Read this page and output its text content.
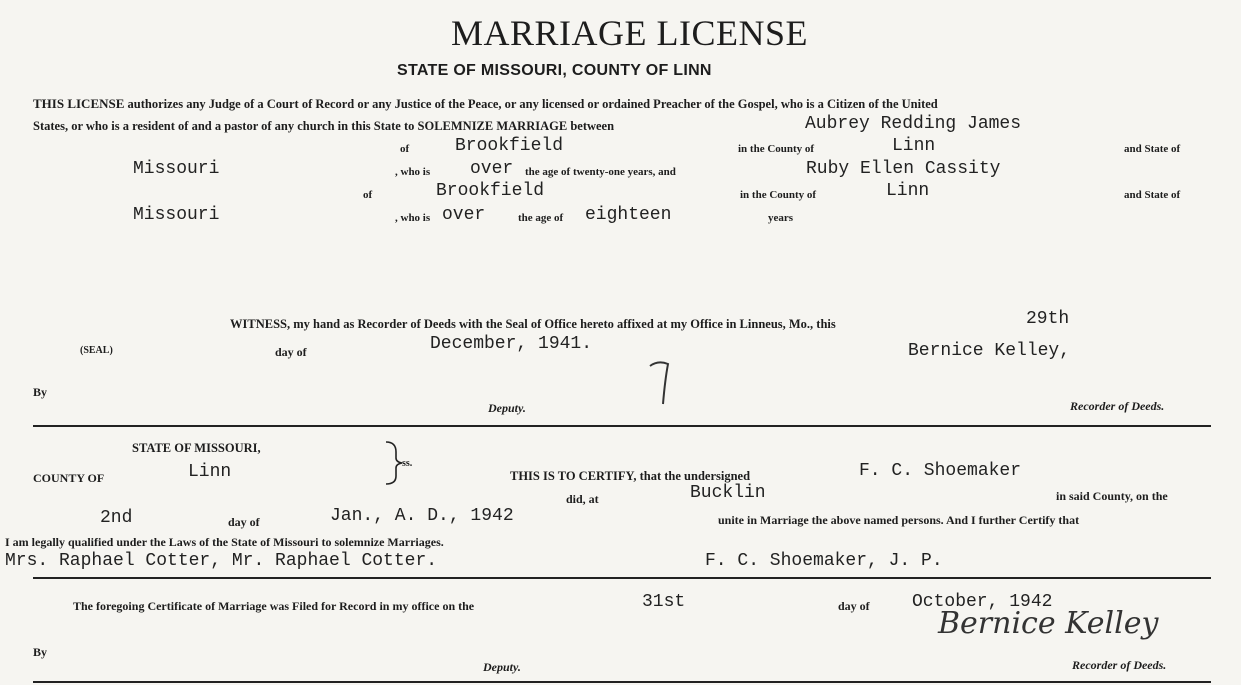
MARRIAGE LICENSE
STATE OF MISSOURI, COUNTY OF LINN
THIS LICENSE authorizes any Judge of a Court of Record or any Justice of the Peace, or any licensed or ordained Preacher of the Gospel, who is a Citizen of the United
States, or who is a resident of and a pastor of any church in this State to SOLEMNIZE MARRIAGE between	Aubrey Redding James
of	Brookfield	in the County of	Linn	and State of
Missouri	, who is over the age of twenty-one years, and	Ruby Ellen Cassity
of	Brookfield	in the County of	Linn	and State of
Missouri	, who is over	the age of eighteen	years
WITNESS, my hand as Recorder of Deeds with the Seal of Office hereto affixed at my Office in Linneus, Mo., this	29th
(SEAL)	day of	December, 1941.	Bernice Kelley,
By
Deputy.	Recorder of Deeds.
STATE OF MISSOURI,
COUNTY OF	Linn	ss.
THIS IS TO CERTIFY, that the undersigned	F. C. Shoemaker
did, at	Bucklin	in said County, on the
2nd	day of	Jan., A. D., 1942	unite in Marriage the above named persons. And I further Certify that
I am legally qualified under the Laws of the State of Missouri to solemnize Marriages.
Mrs. Raphael Cotter, Mr. Raphael Cotter.	F. C. Shoemaker, J. P.
The foregoing Certificate of Marriage was Filed for Record in my office on the	31st	day of October, 1942
By
Deputy.
Bernice Kelley
Recorder of Deeds.
